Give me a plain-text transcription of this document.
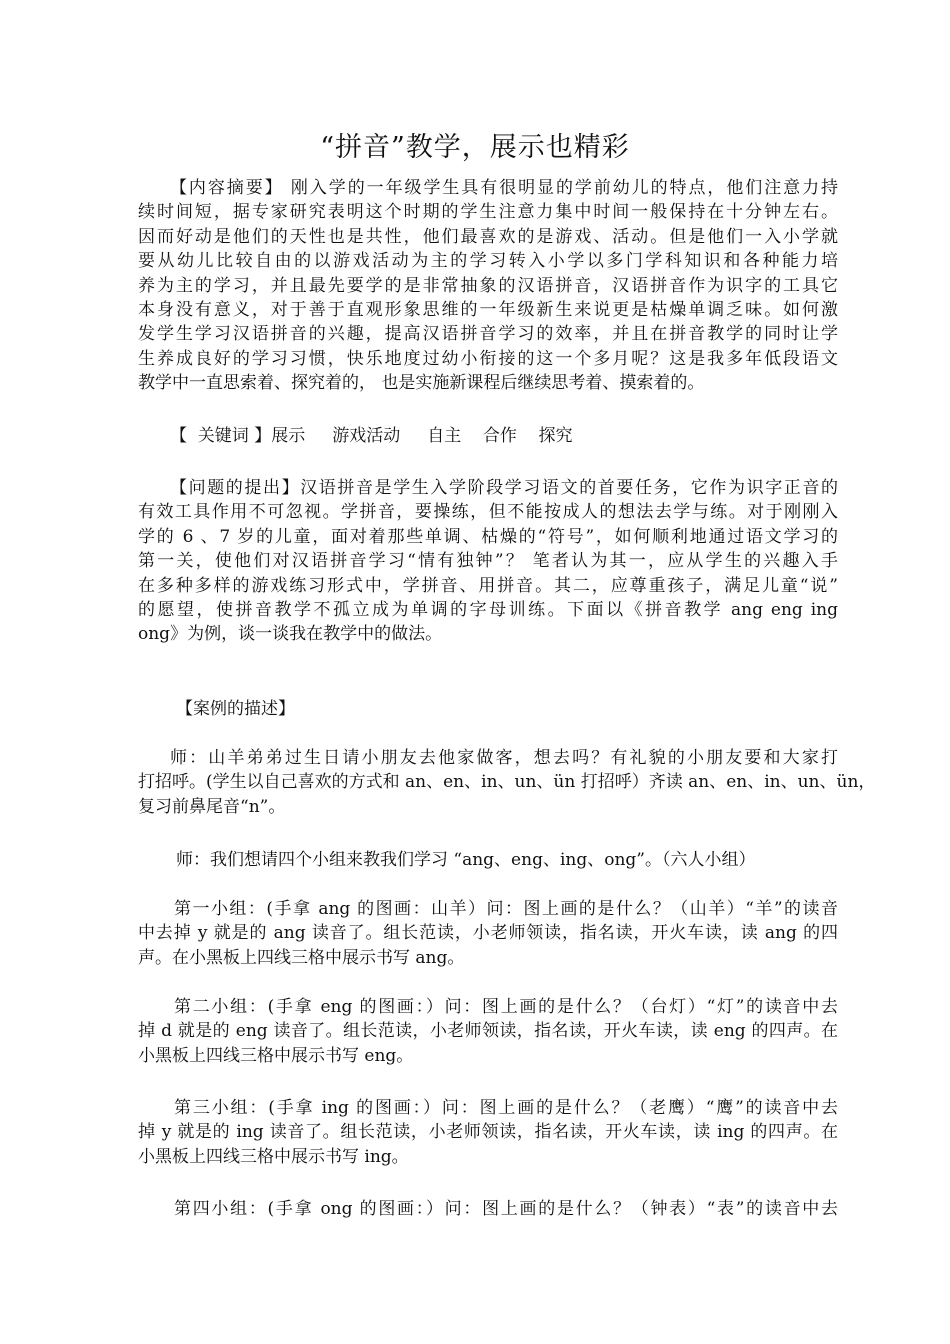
“拼音”教学，展示也精彩
【内容摘要】 刚入学的一年级学生具有很明显的学前幼儿的特点，他们注意力持
续时间短，据专家研究表明这个时期的学生注意力集中时间一般保持在十分钟左右。
因而好动是他们的天性也是共性，他们最喜欢的是游戏、活动。但是他们一入小学就
要从幼儿比较自由的以游戏活动为主的学习转入小学以多门学科知识和各种能力培
养为主的学习，并且最先要学的是非常抽象的汉语拼音，汉语拼音作为识字的工具它
本身没有意义，对于善于直观形象思维的一年级新生来说更是枯燥单调乏味。如何激
发学生学习汉语拼音的兴趣，提高汉语拼音学习的效率，并且在拼音教学的同时让学
生养成良好的学习习惯，快乐地度过幼小衔接的这一个多月呢？这是我多年低段语文
教学中一直思索着、探究着的， 也是实施新课程后继续思考着、摸索着的。
【  关键词 】展示     游戏活动     自主    合作    探究
【问题的提出】汉语拼音是学生入学阶段学习语文的首要任务，它作为识字正音的
有效工具作用不可忽视。学拼音，要操练，但不能按成人的想法去学与练。对于刚刚入
学的 6 、7 岁的儿童，面对着那些单调、枯燥的“符号”，如何顺利地通过语文学习的
第一关，使他们对汉语拼音学习“情有独钟”？ 笔者认为其一，应从学生的兴趣入手
在多种多样的游戏练习形式中，学拼音、用拼音。其二，应尊重孩子，满足儿童“说”
的愿望，使拼音教学不孤立成为单调的字母训练。下面以《拼音教学 ang eng ing
ong》为例，谈一谈我在教学中的做法。
【案例的描述】
师：山羊弟弟过生日请小朋友去他家做客，想去吗？有礼貌的小朋友要和大家打
打招呼。(学生以自己喜欢的方式和 an、en、in、un、ün 打招呼）齐读 an、en、in、un、ün，
复习前鼻尾音“n”。
师：我们想请四个小组来教我们学习 “ang、eng、ing、ong”。（六人小组）
第一小组：(手拿 ang 的图画：山羊）问：图上画的是什么？（山羊）“羊”的读音
中去掉 y 就是的 ang 读音了。组长范读，小老师领读，指名读，开火车读，读 ang 的四
声。在小黑板上四线三格中展示书写 ang。
第二小组：(手拿 eng 的图画：）问：图上画的是什么？（台灯）“灯”的读音中去
掉 d 就是的 eng 读音了。组长范读，小老师领读，指名读，开火车读，读 eng 的四声。在
小黑板上四线三格中展示书写 eng。
第三小组：(手拿 ing 的图画：）问：图上画的是什么？（老鹰）“鹰”的读音中去
掉 y 就是的 ing 读音了。组长范读，小老师领读，指名读，开火车读，读 ing 的四声。在
小黑板上四线三格中展示书写 ing。
第四小组：(手拿 ong 的图画：）问：图上画的是什么？（钟表）“表”的读音中去
